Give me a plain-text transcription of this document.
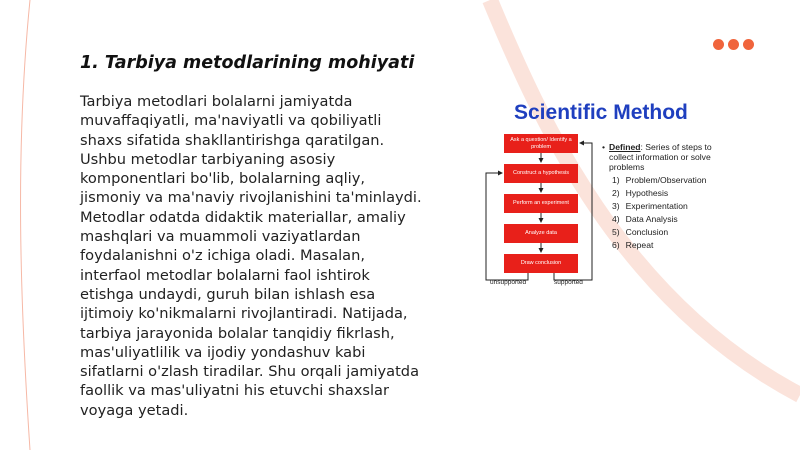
1. Tarbiya metodlarining mohiyati
Tarbiya metodlari bolalarni jamiyatda muvaffaqiyatli, ma'naviyatli va qobiliyatli shaxs sifatida shakllantirishga qaratilgan. Ushbu metodlar tarbiyaning asosiy komponentlari bo'lib, bolalarning aqliy, jismoniy va ma'naviy rivojlanishini ta'minlaydi. Metodlar odatda didaktik materiallar, amaliy mashqlari va muammoli vaziyatlardan foydalanishni o'z ichiga oladi. Masalan, interfaol metodlar bolalarni faol ishtirok etishga undaydi, guruh bilan ishlash esa ijtimoiy ko'nikmalarni rivojlantiradi. Natijada, tarbiya jarayonida bolalar tanqidiy fikrlash, mas'uliyatlilik va ijodiy yondashuv kabi sifatlarni o'zlash tiradilar. Shu orqali jamiyatda faollik va mas'uliyatni his etuvchi shaxslar voyaga yetadi.
Scientific Method
Ask a question/ Identify a problem
Construct a hypothesis
Perform an experiment
Analyze data
Draw conclusion
unsupported	supported
• Defined: Series of steps to collect information or solve problems
1) Problem/Observation
2) Hypothesis
3) Experimentation
4) Data Analysis
5) Conclusion
6) Repeat
